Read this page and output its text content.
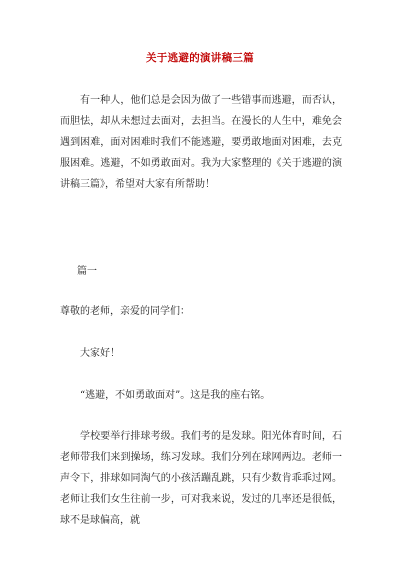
关于逃避的演讲稿三篇

有一种人，他们总是会因为做了一些错事而逃避，而否认，而胆怯，却从未想过去面对，去担当。在漫长的人生中，难免会遇到困难，面对困难时我们不能逃避，要勇敢地面对困难，去克服困难。逃避，不如勇敢面对。我为大家整理的《关于逃避的演讲稿三篇》，希望对大家有所帮助！

篇一

尊敬的老师，亲爱的同学们：

大家好！

“逃避，不如勇敢面对”。这是我的座右铭。

学校要举行排球考级。我们考的是发球。阳光体育时间，石老师带我们来到操场，练习发球。我们分列在球网两边。老师一声令下，排球如同淘气的小孩活蹦乱跳，只有少数肯乖乖过网。老师让我们女生往前一步，可对我来说，发过的几率还是很低，球不是球偏高，就
